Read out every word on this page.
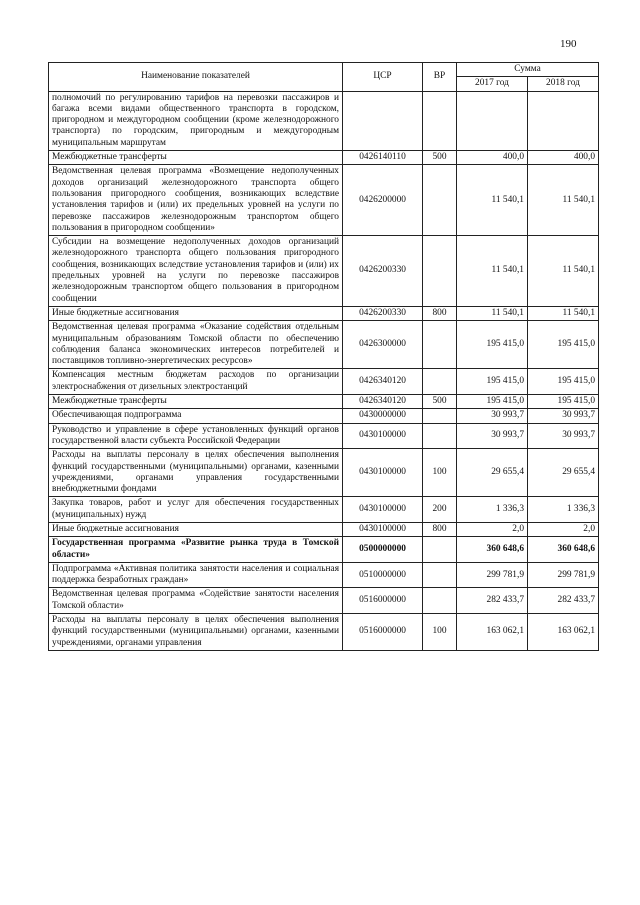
190
Наименование показателей	ЦСР	ВР	Сумма	
			2017 год	2018 год
полномочий по регулированию тарифов на перевозки пассажиров и багажа всеми видами общественного транспорта в городском, пригородном и междугородном сообщении (кроме железнодорожного транспорта) по городским, пригородным и междугородным муниципальным маршрутам				
Межбюджетные трансферты	0426140110	500	400,0	400,0
Ведомственная целевая программа «Возмещение недополученных доходов организаций железнодорожного транспорта общего пользования пригородного сообщения, возникающих вследствие установления тарифов и (или) их предельных уровней на услуги по перевозке пассажиров железнодорожным транспортом общего пользования в пригородном сообщении»	0426200000		11 540,1	11 540,1
Субсидии на возмещение недополученных доходов организаций железнодорожного транспорта общего пользования пригородного сообщения, возникающих вследствие установления тарифов и (или) их предельных уровней на услуги по перевозке пассажиров железнодорожным транспортом общего пользования в пригородном сообщении	0426200330		11 540,1	11 540,1
Иные бюджетные ассигнования	0426200330	800	11 540,1	11 540,1
Ведомственная целевая программа «Оказание содействия отдельным муниципальным образованиям Томской области по обеспечению соблюдения баланса экономических интересов потребителей и поставщиков топливно-энергетических ресурсов»	0426300000		195 415,0	195 415,0
Компенсация местным бюджетам расходов по организации электроснабжения от дизельных электростанций	0426340120		195 415,0	195 415,0
Межбюджетные трансферты	0426340120	500	195 415,0	195 415,0
Обеспечивающая подпрограмма	0430000000		30 993,7	30 993,7
Руководство и управление в сфере установленных функций органов государственной власти субъекта Российской Федерации	0430100000		30 993,7	30 993,7
Расходы на выплаты персоналу в целях обеспечения выполнения функций государственными (муниципальными) органами, казенными учреждениями, органами управления государственными внебюджетными фондами	0430100000	100	29 655,4	29 655,4
Закупка товаров, работ и услуг для обеспечения государственных (муниципальных) нужд	0430100000	200	1 336,3	1 336,3
Иные бюджетные ассигнования	0430100000	800	2,0	2,0
Государственная программа «Развитие рынка труда в Томской области»	0500000000		360 648,6	360 648,6
Подпрограмма «Активная политика занятости населения и социальная поддержка безработных граждан»	0510000000		299 781,9	299 781,9
Ведомственная целевая программа «Содействие занятости населения Томской области»	0516000000		282 433,7	282 433,7
Расходы на выплаты персоналу в целях обеспечения выполнения функций государственными (муниципальными) органами, казенными учреждениями, органами управления	0516000000	100	163 062,1	163 062,1
